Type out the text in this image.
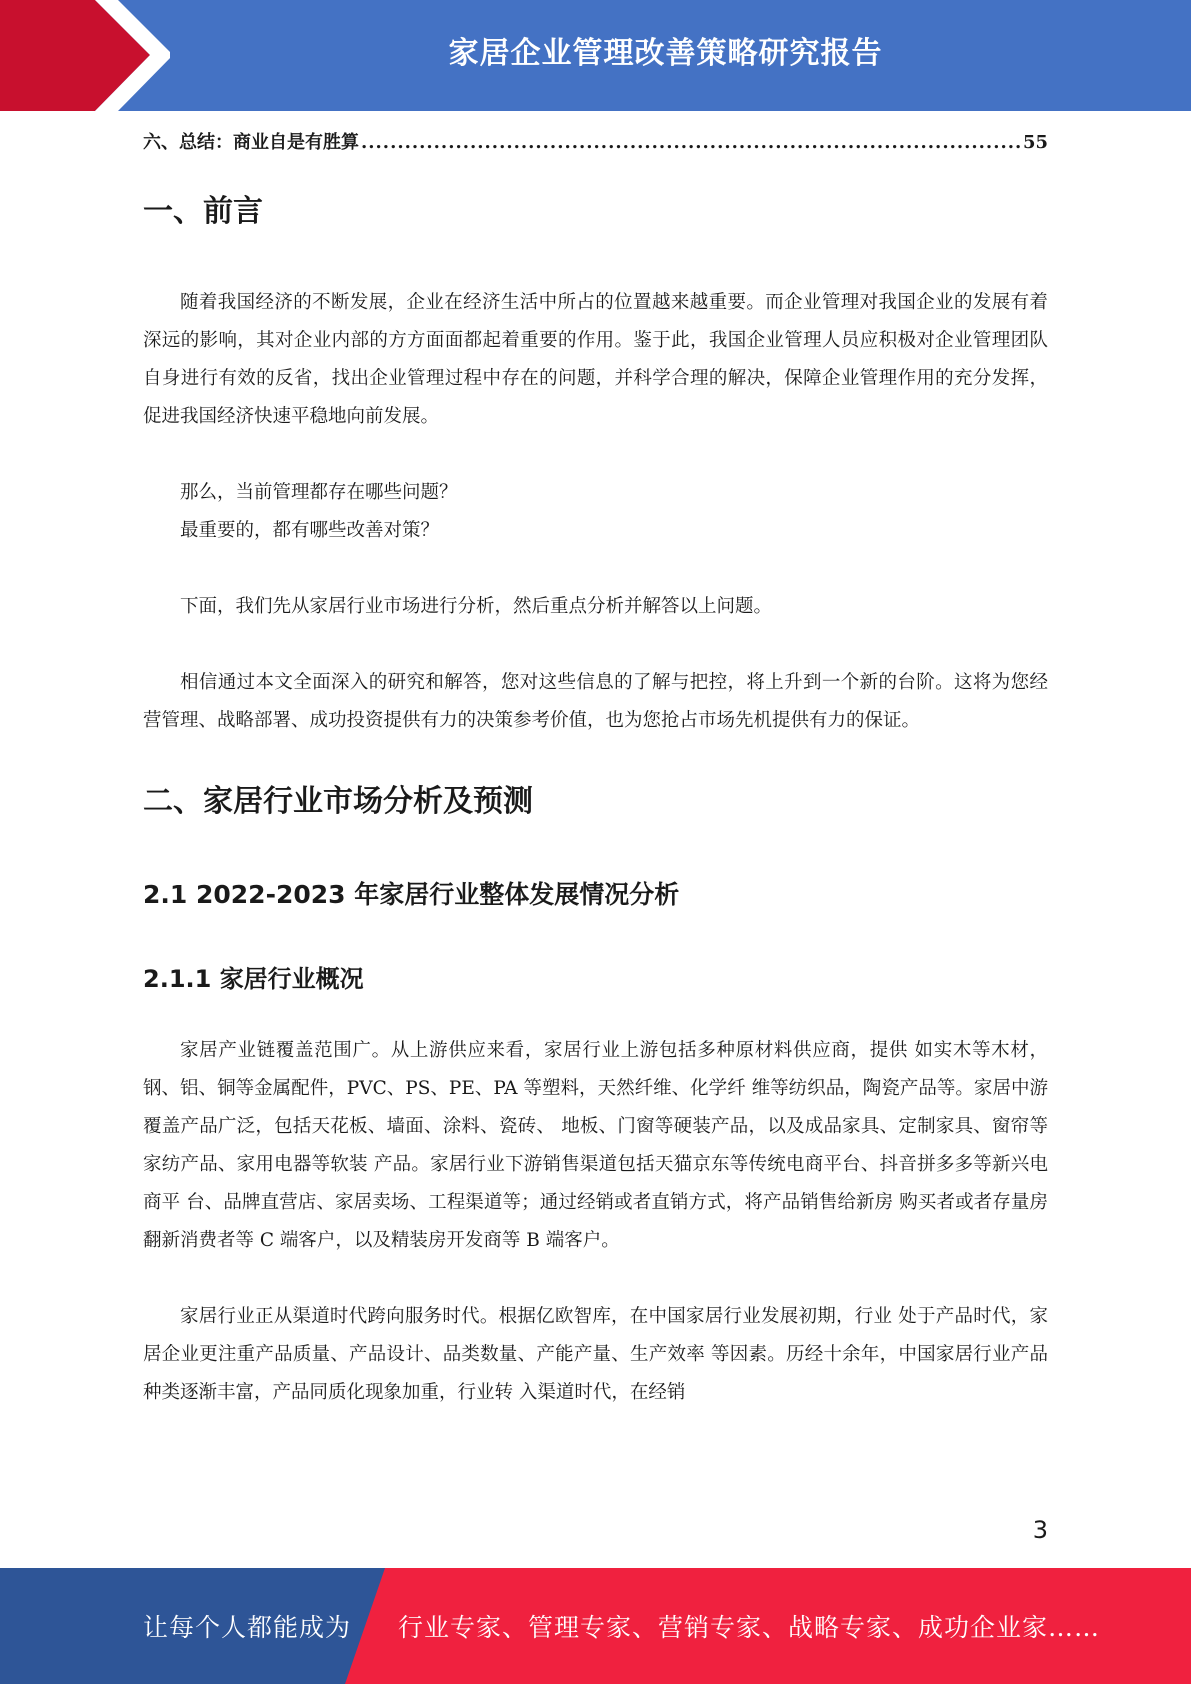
家居企业管理改善策略研究报告
六、总结：商业自是有胜算
.....	55
一、前言

随着我国经济的不断发展，企业在经济生活中所占的位置越来越重要。而企业管理对我国企业的发展有着深远的影响，其对企业内部的方方面面都起着重要的作用。鉴于此，我国企业管理人员应积极对企业管理团队自身进行有效的反省，找出企业管理过程中存在的问题，并科学合理的解决，保障企业管理作用的充分发挥，促进我国经济快速平稳地向前发展。

那么，当前管理都存在哪些问题？

最重要的，都有哪些改善对策？

下面，我们先从家居行业市场进行分析，然后重点分析并解答以上问题。

相信通过本文全面深入的研究和解答，您对这些信息的了解与把控，将上升到一个新的台阶。这将为您经营管理、战略部署、成功投资提供有力的决策参考价值，也为您抢占市场先机提供有力的保证。

二、家居行业市场分析及预测
2.1 2022-2023 年家居行业整体发展情况分析
2.1.1 家居行业概况

家居产业链覆盖范围广。从上游供应来看，家居行业上游包括多种原材料供应商，提供 如实木等木材，钢、铝、铜等金属配件，PVC、PS、PE、PA 等塑料，天然纤维、化学纤 维等纺织品，陶瓷产品等。家居中游覆盖产品广泛，包括天花板、墙面、涂料、瓷砖、 地板、门窗等硬装产品，以及成品家具、定制家具、窗帘等家纺产品、家用电器等软装 产品。家居行业下游销售渠道包括天猫京东等传统电商平台、抖音拼多多等新兴电商平 台、品牌直营店、家居卖场、工程渠道等；通过经销或者直销方式，将产品销售给新房 购买者或者存量房翻新消费者等 C 端客户，以及精装房开发商等 B 端客户。

家居行业正从渠道时代跨向服务时代。根据亿欧智库，在中国家居行业发展初期，行业 处于产品时代，家居企业更注重产品质量、产品设计、品类数量、产能产量、生产效率 等因素。历经十余年，中国家居行业产品种类逐渐丰富，产品同质化现象加重，行业转 入渠道时代，在经销

3
让每个人都能成为 行业专家、管理专家、营销专家、战略专家、成功企业家……
